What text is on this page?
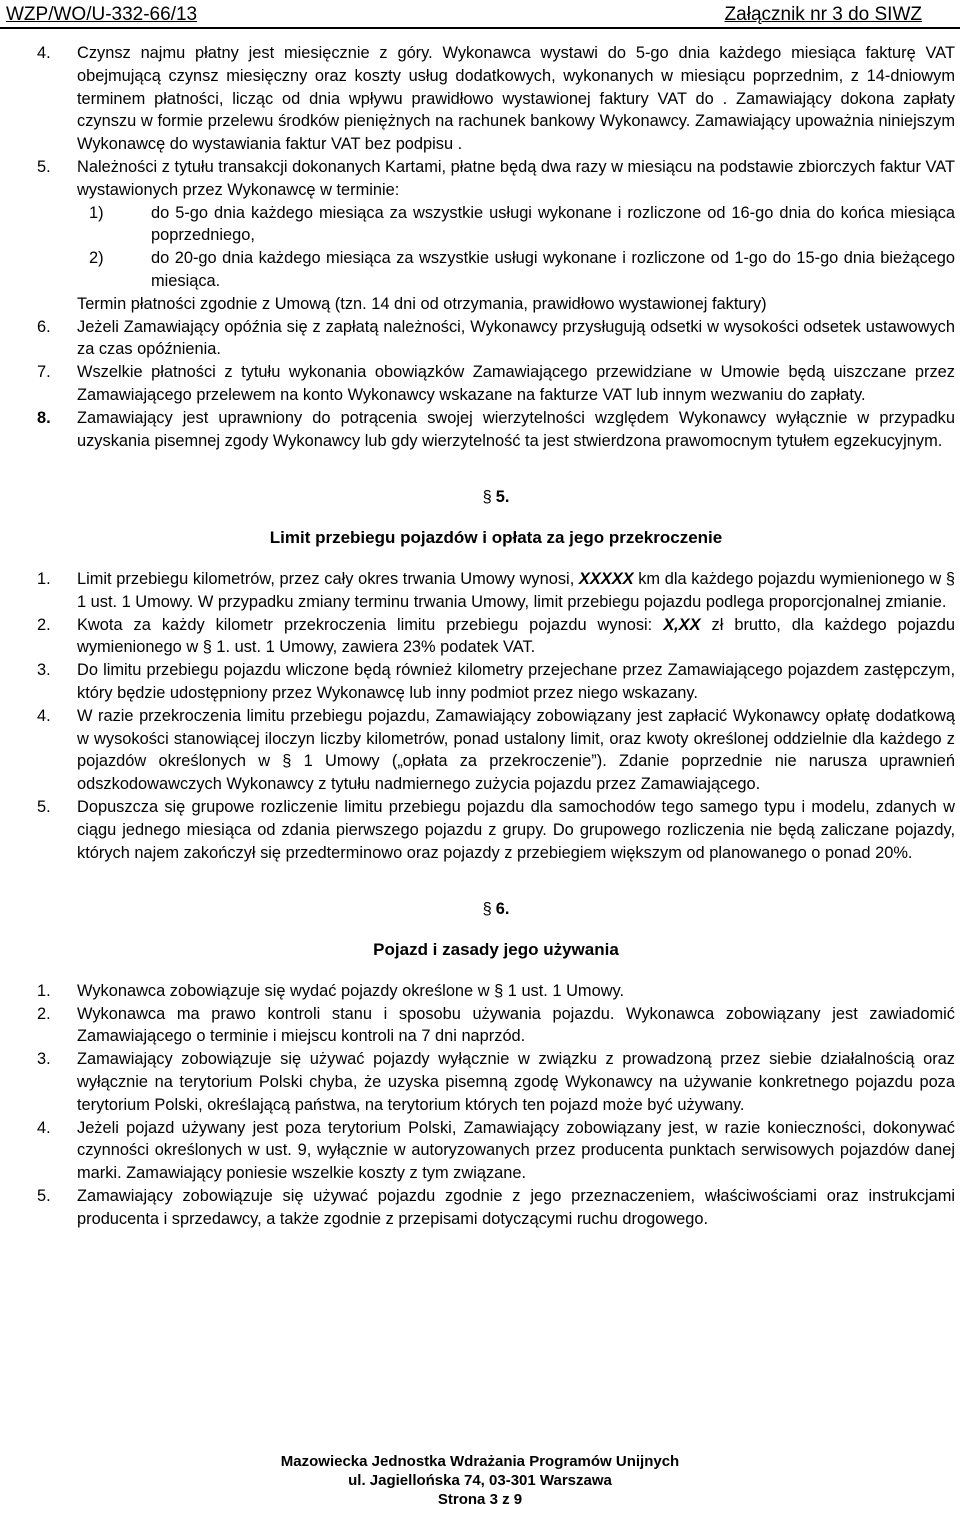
WZP/WO/U-332-66/13	Załącznik nr 3 do SIWZ
4.	Czynsz najmu płatny jest miesięcznie z góry. Wykonawca wystawi do 5-go dnia każdego miesiąca fakturę VAT obejmującą czynsz miesięczny oraz koszty usług dodatkowych, wykonanych w miesiącu poprzednim, z 14-dniowym terminem płatności, licząc od dnia wpływu prawidłowo wystawionej faktury VAT do . Zamawiający dokona zapłaty czynszu w formie przelewu środków pieniężnych na rachunek bankowy Wykonawcy. Zamawiający upoważnia niniejszym Wykonawcę do wystawiania faktur VAT bez podpisu .
5.	Należności z tytułu transakcji dokonanych Kartami, płatne będą dwa razy w miesiącu na podstawie zbiorczych faktur VAT wystawionych przez Wykonawcę w terminie:
1)	do 5-go dnia każdego miesiąca za wszystkie usługi wykonane i rozliczone od 16-go dnia do końca miesiąca poprzedniego,
2)	do 20-go dnia każdego miesiąca za wszystkie usługi wykonane i rozliczone od 1-go do 15-go dnia bieżącego miesiąca.
Termin płatności zgodnie z Umową (tzn. 14 dni od otrzymania, prawidłowo wystawionej faktury)
6.	Jeżeli Zamawiający opóźnia się z zapłatą należności, Wykonawcy przysługują odsetki w wysokości odsetek ustawowych za czas opóźnienia.
7.	Wszelkie płatności z tytułu wykonania obowiązków Zamawiającego przewidziane w Umowie będą uiszczane przez Zamawiającego przelewem na konto Wykonawcy wskazane na fakturze VAT lub innym wezwaniu do zapłaty.
8.	Zamawiający jest uprawniony do potrącenia swojej wierzytelności względem Wykonawcy wyłącznie w przypadku uzyskania pisemnej zgody Wykonawcy lub gdy wierzytelność ta jest stwierdzona prawomocnym tytułem egzekucyjnym.
§ 5.
Limit przebiegu pojazdów i opłata za jego przekroczenie
1.	Limit przebiegu kilometrów, przez cały okres trwania Umowy wynosi, XXXXX km dla każdego pojazdu wymienionego w § 1 ust. 1 Umowy. W przypadku zmiany terminu trwania Umowy, limit przebiegu pojazdu podlega proporcjonalnej zmianie.
2.	Kwota za każdy kilometr przekroczenia limitu przebiegu pojazdu wynosi: X,XX zł brutto, dla każdego pojazdu wymienionego w § 1. ust. 1 Umowy, zawiera 23% podatek VAT.
3.	Do limitu przebiegu pojazdu wliczone będą również kilometry przejechane przez Zamawiającego pojazdem zastępczym, który będzie udostępniony przez Wykonawcę lub inny podmiot przez niego wskazany.
4.	W razie przekroczenia limitu przebiegu pojazdu, Zamawiający zobowiązany jest zapłacić Wykonawcy opłatę dodatkową w wysokości stanowiącej iloczyn liczby kilometrów, ponad ustalony limit, oraz kwoty określonej oddzielnie dla każdego z pojazdów określonych w § 1 Umowy („opłata za przekroczenie”). Zdanie poprzednie nie narusza uprawnień odszkodowawczych Wykonawcy z tytułu nadmiernego zużycia pojazdu przez Zamawiającego.
5.	Dopuszcza się grupowe rozliczenie limitu przebiegu pojazdu dla samochodów tego samego typu i modelu, zdanych w ciągu jednego miesiąca od zdania pierwszego pojazdu z grupy. Do grupowego rozliczenia nie będą zaliczane pojazdy, których najem zakończył się przedterminowo oraz pojazdy z przebiegiem większym od planowanego o ponad 20%.
§ 6.
Pojazd i zasady jego używania
1.	Wykonawca zobowiązuje się wydać pojazdy określone w § 1 ust. 1 Umowy.
2.	Wykonawca ma prawo kontroli stanu i sposobu używania pojazdu. Wykonawca zobowiązany jest zawiadomić Zamawiającego o terminie i miejscu kontroli na 7 dni naprzód.
3.	Zamawiający zobowiązuje się używać pojazdy wyłącznie w związku z prowadzoną przez siebie działalnością oraz wyłącznie na terytorium Polski chyba, że uzyska pisemną zgodę Wykonawcy na używanie konkretnego pojazdu poza terytorium Polski, określającą państwa, na terytorium których ten pojazd może być używany.
4.	Jeżeli pojazd używany jest poza terytorium Polski, Zamawiający zobowiązany jest, w razie konieczności, dokonywać czynności określonych w ust. 9, wyłącznie w autoryzowanych przez producenta punktach serwisowych pojazdów danej marki. Zamawiający poniesie wszelkie koszty z tym związane.
5.	Zamawiający zobowiązuje się używać pojazdu zgodnie z jego przeznaczeniem, właściwościami oraz instrukcjami producenta i sprzedawcy, a także zgodnie z przepisami dotyczącymi ruchu drogowego.
Mazowiecka Jednostka Wdrażania Programów Unijnych
ul. Jagiellońska 74, 03-301 Warszawa
Strona 3 z 9
